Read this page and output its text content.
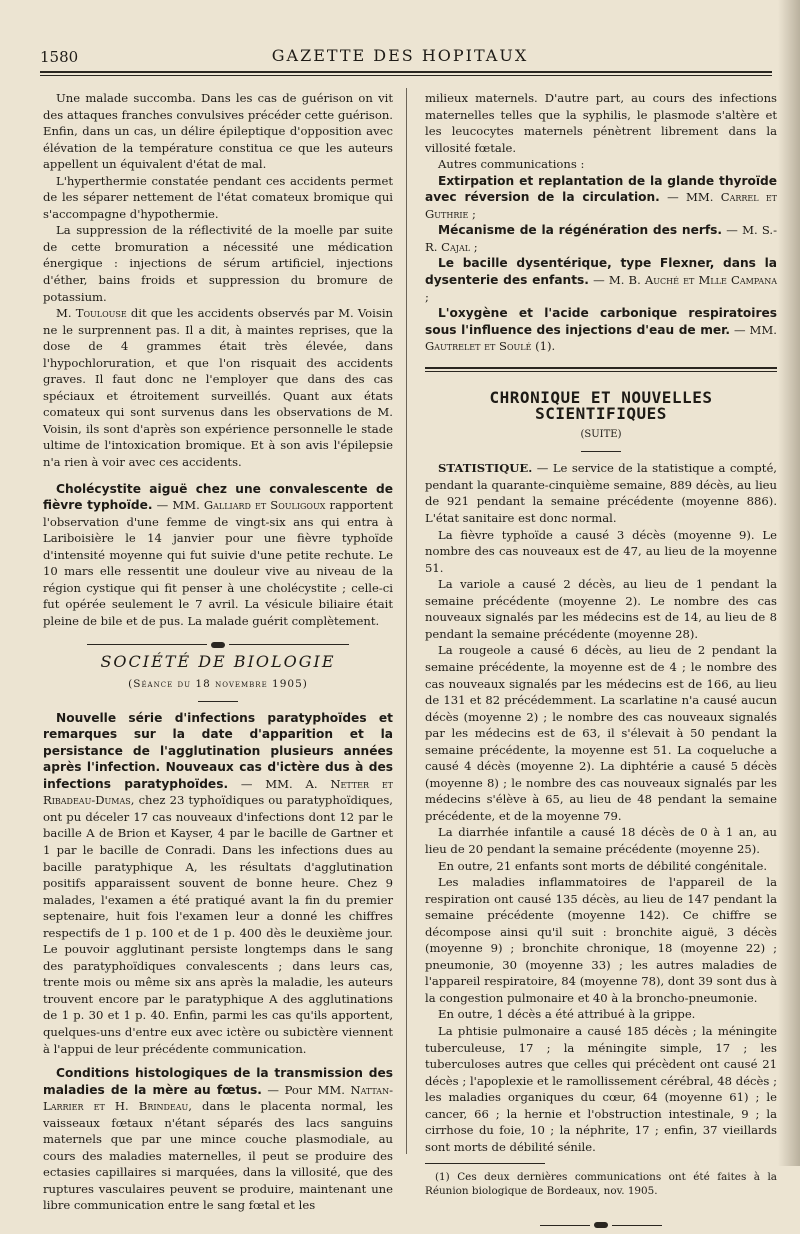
1580	GAZETTE DES HOPITAUX

Une malade succomba. Dans les cas de guérison on vit des attaques franches convulsives précéder cette guérison. Enfin, dans un cas, un délire épileptique d'opposition avec élévation de la température constitua ce que les auteurs appellent un équivalent d'état de mal.

L'hyperthermie constatée pendant ces accidents permet de les séparer nettement de l'état comateux bromique qui s'accompagne d'hypothermie.

La suppression de la réflectivité de la moelle par suite de cette bromuration a nécessité une médication énergique : injections de sérum artificiel, injections d'éther, bains froids et suppression du bromure de potassium.

M. Toulouse dit que les accidents observés par M. Voisin ne le surprennent pas. Il a dit, à maintes reprises, que la dose de 4 grammes était très élevée, dans l'hypochloruration, et que l'on risquait des accidents graves. Il faut donc ne l'employer que dans des cas spéciaux et étroitement surveillés. Quant aux états comateux qui sont survenus dans les observations de M. Voisin, ils sont d'après son expérience personnelle le stade ultime de l'intoxication bromique. Et à son avis l'épilepsie n'a rien à voir avec ces accidents.

Cholécystite aiguë chez une convalescente de fièvre typhoïde. — MM. Galliard et Souligoux rapportent l'observation d'une femme de vingt-six ans qui entra à Lariboisière le 14 janvier pour une fièvre typhoïde d'intensité moyenne qui fut suivie d'une petite rechute. Le 10 mars elle ressentit une douleur vive au niveau de la région cystique qui fit penser à une cholécystite ; celle-ci fut opérée seulement le 7 avril. La vésicule biliaire était pleine de bile et de pus. La malade guérit complètement.

SOCIÉTÉ DE BIOLOGIE
(Séance du 18 novembre 1905)

Nouvelle série d'infections paratyphoïdes et remarques sur la date d'apparition et la persistance de l'agglutination plusieurs années après l'infection. Nouveaux cas d'ictère dus à des infections paratyphoïdes. — MM. A. Netter et Ribadeau-Dumas, chez 23 typhoïdiques ou paratyphoïdiques, ont pu déceler 17 cas nouveaux d'infections dont 12 par le bacille A de Brion et Kayser, 4 par le bacille de Gartner et 1 par le bacille de Conradi. Dans les infections dues au bacille paratyphique A, les résultats d'agglutination positifs apparaissent souvent de bonne heure. Chez 9 malades, l'examen a été pratiqué avant la fin du premier septenaire, huit fois l'examen leur a donné les chiffres respectifs de 1 p. 100 et de 1 p. 400 dès le deuxième jour. Le pouvoir agglutinant persiste longtemps dans le sang des paratyphoïdiques convalescents ; dans leurs cas, trente mois ou même six ans après la maladie, les auteurs trouvent encore par le paratyphique A des agglutinations de 1 p. 30 et 1 p. 40. Enfin, parmi les cas qu'ils apportent, quelques-uns d'entre eux avec ictère ou subictère viennent à l'appui de leur précédente communication.

Conditions histologiques de la transmission des maladies de la mère au fœtus. — Pour MM. Nattan-Larrier et H. Brindeau, dans le placenta normal, les vaisseaux fœtaux n'étant séparés des lacs sanguins maternels que par une mince couche plasmodiale, au cours des maladies maternelles, il peut se produire des ectasies capillaires si marquées, dans la villosité, que des ruptures vasculaires peuvent se produire, maintenant une libre communication entre le sang fœtal et les

milieux maternels. D'autre part, au cours des infections maternelles telles que la syphilis, le plasmode s'altère et les leucocytes maternels pénètrent librement dans la villosité fœtale.

Autres communications :

Extirpation et replantation de la glande thyroïde avec réversion de la circulation. — MM. Carrel et Guthrie ;

Mécanisme de la régénération des nerfs. — M. S.-R. Cajal ;

Le bacille dysentérique, type Flexner, dans la dysenterie des enfants. — M. B. Auché et Mlle Campana ;

L'oxygène et l'acide carbonique respiratoires sous l'influence des injections d'eau de mer. — MM. Gautrelet et Soulé (1).

CHRONIQUE ET NOUVELLES SCIENTIFIQUES
(SUITE)

STATISTIQUE. — Le service de la statistique a compté, pendant la quarante-cinquième semaine, 889 décès, au lieu de 921 pendant la semaine précédente (moyenne 886). L'état sanitaire est donc normal.

La fièvre typhoïde a causé 3 décès (moyenne 9). Le nombre des cas nouveaux est de 47, au lieu de la moyenne 51.

La variole a causé 2 décès, au lieu de 1 pendant la semaine précédente (moyenne 2). Le nombre des cas nouveaux signalés par les médecins est de 14, au lieu de 8 pendant la semaine précédente (moyenne 28).

La rougeole a causé 6 décès, au lieu de 2 pendant la semaine précédente, la moyenne est de 4 ; le nombre des cas nouveaux signalés par les médecins est de 166, au lieu de 131 et 82 précédemment. La scarlatine n'a causé aucun décès (moyenne 2) ; le nombre des cas nouveaux signalés par les médecins est de 63, il s'élevait à 50 pendant la semaine précédente, la moyenne est 51. La coqueluche a causé 4 décès (moyenne 2). La diphtérie a causé 5 décès (moyenne 8) ; le nombre des cas nouveaux signalés par les médecins s'élève à 65, au lieu de 48 pendant la semaine précédente, et de la moyenne 79.

La diarrhée infantile a causé 18 décès de 0 à 1 an, au lieu de 20 pendant la semaine précédente (moyenne 25).

En outre, 21 enfants sont morts de débilité congénitale.

Les maladies inflammatoires de l'appareil de la respiration ont causé 135 décès, au lieu de 147 pendant la semaine précédente (moyenne 142). Ce chiffre se décompose ainsi qu'il suit : bronchite aiguë, 3 décès (moyenne 9) ; bronchite chronique, 18 (moyenne 22) ; pneumonie, 30 (moyenne 33) ; les autres maladies de l'appareil respiratoire, 84 (moyenne 78), dont 39 sont dus à la congestion pulmonaire et 40 à la broncho-pneumonie.

En outre, 1 décès a été attribué à la grippe.

La phtisie pulmonaire a causé 185 décès ; la méningite tuberculeuse, 17 ; la méningite simple, 17 ; les tuberculoses autres que celles qui précèdent ont causé 21 décès ; l'apoplexie et le ramollissement cérébral, 48 décès ; les maladies organiques du cœur, 64 (moyenne 61) ; le cancer, 66 ; la hernie et l'obstruction intestinale, 9 ; la cirrhose du foie, 10 ; la néphrite, 17 ; enfin, 37 vieillards sont morts de débilité sénile.

(1) Ces deux dernières communications ont été faites à la Réunion biologique de Bordeaux, nov. 1905.
